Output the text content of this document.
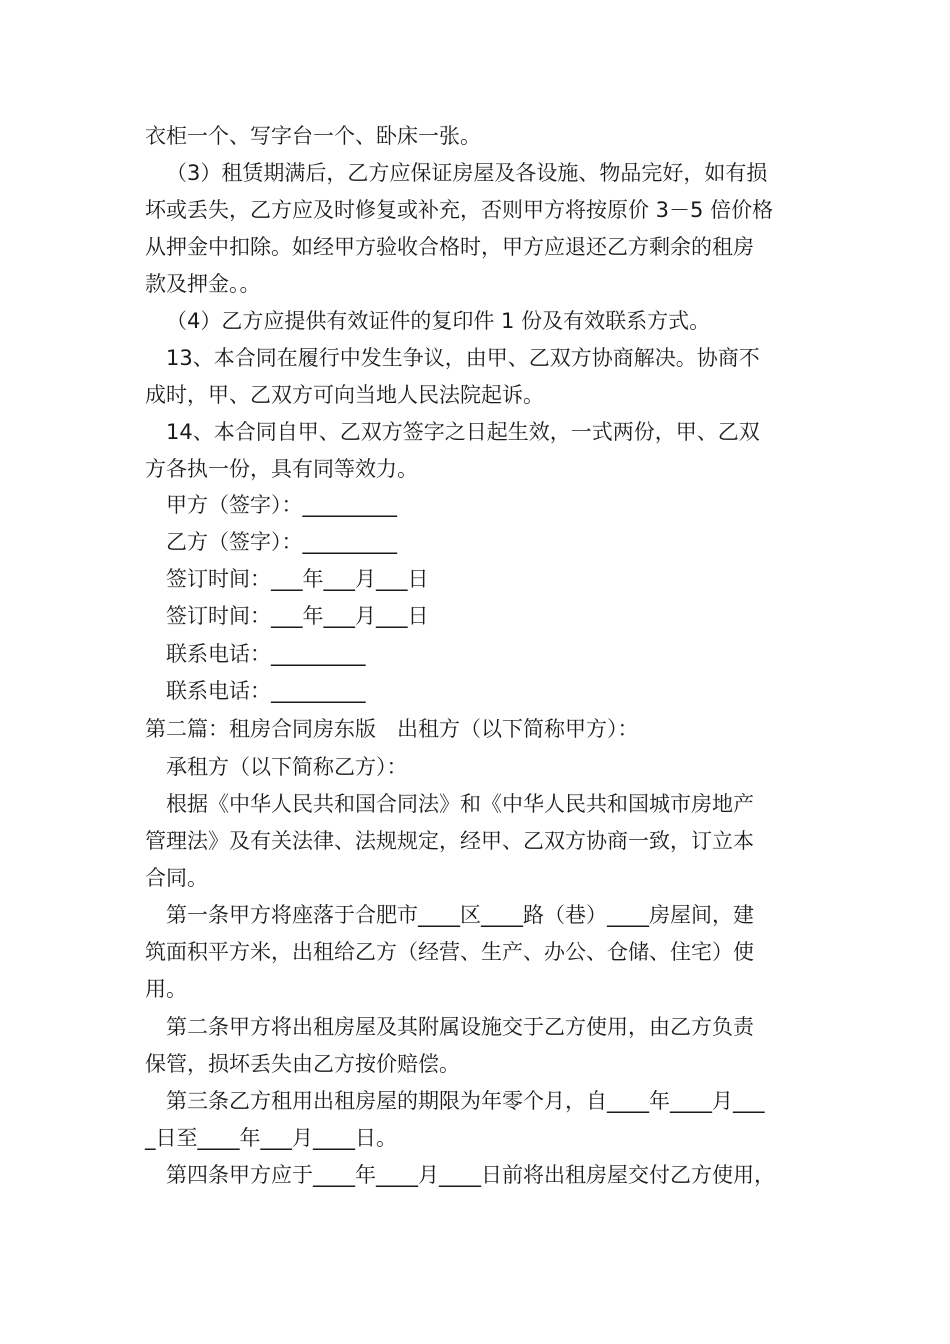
衣柜一个、写字台一个、卧床一张。
（3）租赁期满后，乙方应保证房屋及各设施、物品完好，如有损
坏或丢失，乙方应及时修复或补充，否则甲方将按原价 3－5 倍价格
从押金中扣除。如经甲方验收合格时，甲方应退还乙方剩余的租房
款及押金。。
（4）乙方应提供有效证件的复印件 1 份及有效联系方式。
13、本合同在履行中发生争议，由甲、乙双方协商解决。协商不
成时，甲、乙双方可向当地人民法院起诉。
14、本合同自甲、乙双方签字之日起生效，一式两份，甲、乙双
方各执一份，具有同等效力。
甲方（签字）：_________
乙方（签字）：_________
签订时间：___年___月___日
签订时间：___年___月___日
联系电话：_________
联系电话：_________
第二篇：租房合同房东版　出租方（以下简称甲方）：
承租方（以下简称乙方）：
根据《中华人民共和国合同法》和《中华人民共和国城市房地产
管理法》及有关法律、法规规定，经甲、乙双方协商一致，订立本
合同。
第一条甲方将座落于合肥市____区____路（巷）____房屋间，建
筑面积平方米，出租给乙方（经营、生产、办公、仓储、住宅）使
用。
第二条甲方将出租房屋及其附属设施交于乙方使用，由乙方负责
保管，损坏丢失由乙方按价赔偿。
第三条乙方租用出租房屋的期限为年零个月，自____年____月___
_日至____年___月____日。
第四条甲方应于____年____月____日前将出租房屋交付乙方使用，
